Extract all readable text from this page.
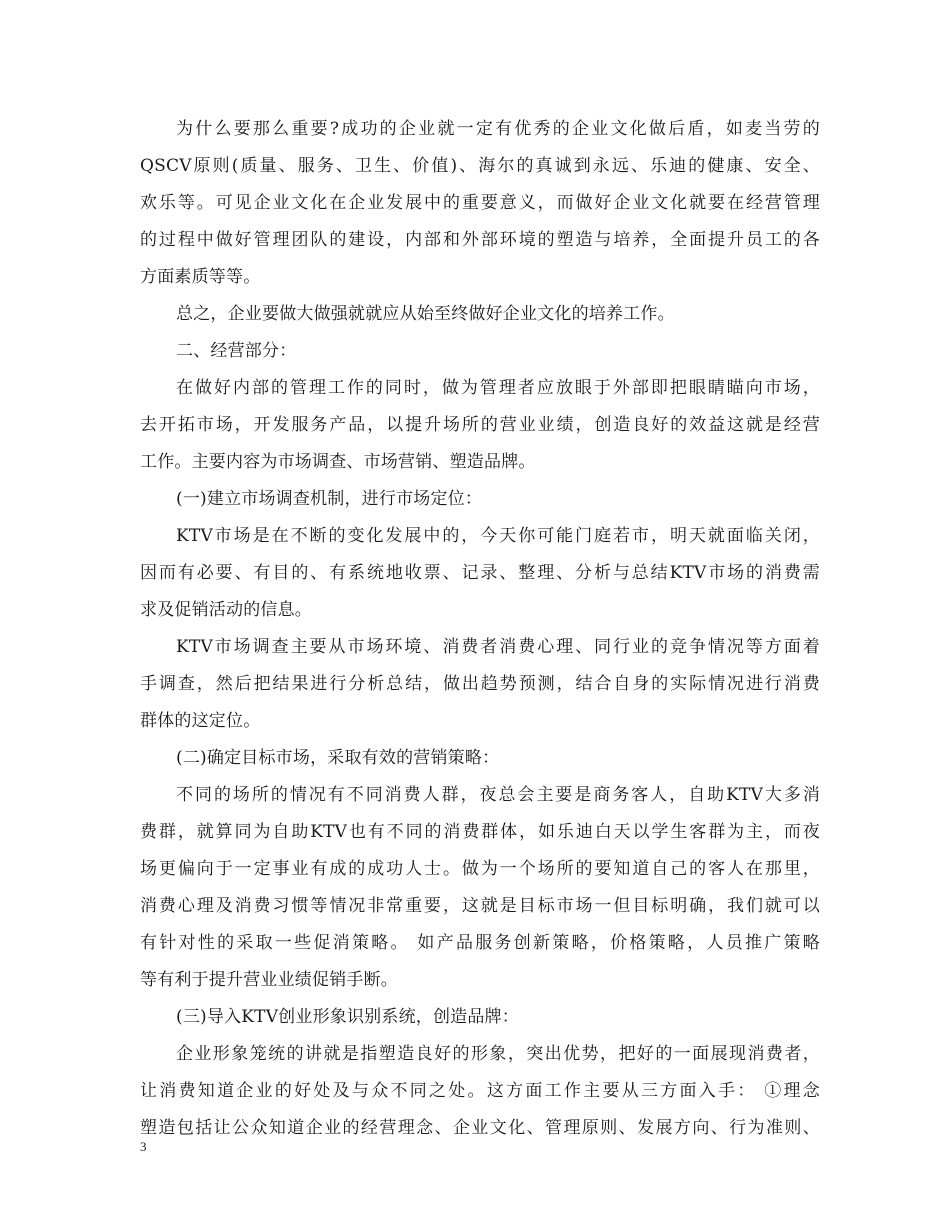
为什么要那么重要?成功的企业就一定有优秀的企业文化做后盾，如麦当劳的
QSCV原则(质量、服务、卫生、价值)、海尔的真诚到永远、乐迪的健康、安全、
欢乐等。可见企业文化在企业发展中的重要意义，而做好企业文化就要在经营管理
的过程中做好管理团队的建设，内部和外部环境的塑造与培养，全面提升员工的各
方面素质等等。
总之，企业要做大做强就就应从始至终做好企业文化的培养工作。
二、经营部分：
在做好内部的管理工作的同时，做为管理者应放眼于外部即把眼睛瞄向市场，
去开拓市场，开发服务产品，以提升场所的营业业绩，创造良好的效益这就是经营
工作。主要内容为市场调查、市场营销、塑造品牌。
(一)建立市场调查机制，进行市场定位：
KTV市场是在不断的变化发展中的，今天你可能门庭若市，明天就面临关闭，
因而有必要、有目的、有系统地收票、记录、整理、分析与总结KTV市场的消费需
求及促销活动的信息。
KTV市场调查主要从市场环境、消费者消费心理、同行业的竞争情况等方面着
手调查，然后把结果进行分析总结，做出趋势预测，结合自身的实际情况进行消费
群体的这定位。
(二)确定目标市场，采取有效的营销策略：
不同的场所的情况有不同消费人群，夜总会主要是商务客人，自助KTV大多消
费群，就算同为自助KTV也有不同的消费群体，如乐迪白天以学生客群为主，而夜
场更偏向于一定事业有成的成功人士。做为一个场所的要知道自己的客人在那里，
消费心理及消费习惯等情况非常重要，这就是目标市场一但目标明确，我们就可以
有针对性的采取一些促消策略。 如产品服务创新策略，价格策略，人员推广策略
等有利于提升营业业绩促销手断。
(三)导入KTV创业形象识别系统，创造品牌：
企业形象笼统的讲就是指塑造良好的形象，突出优势，把好的一面展现消费者，
让消费知道企业的好处及与众不同之处。这方面工作主要从三方面入手： ①理念
塑造包括让公众知道企业的经营理念、企业文化、管理原则、发展方向、行为准则、
3
